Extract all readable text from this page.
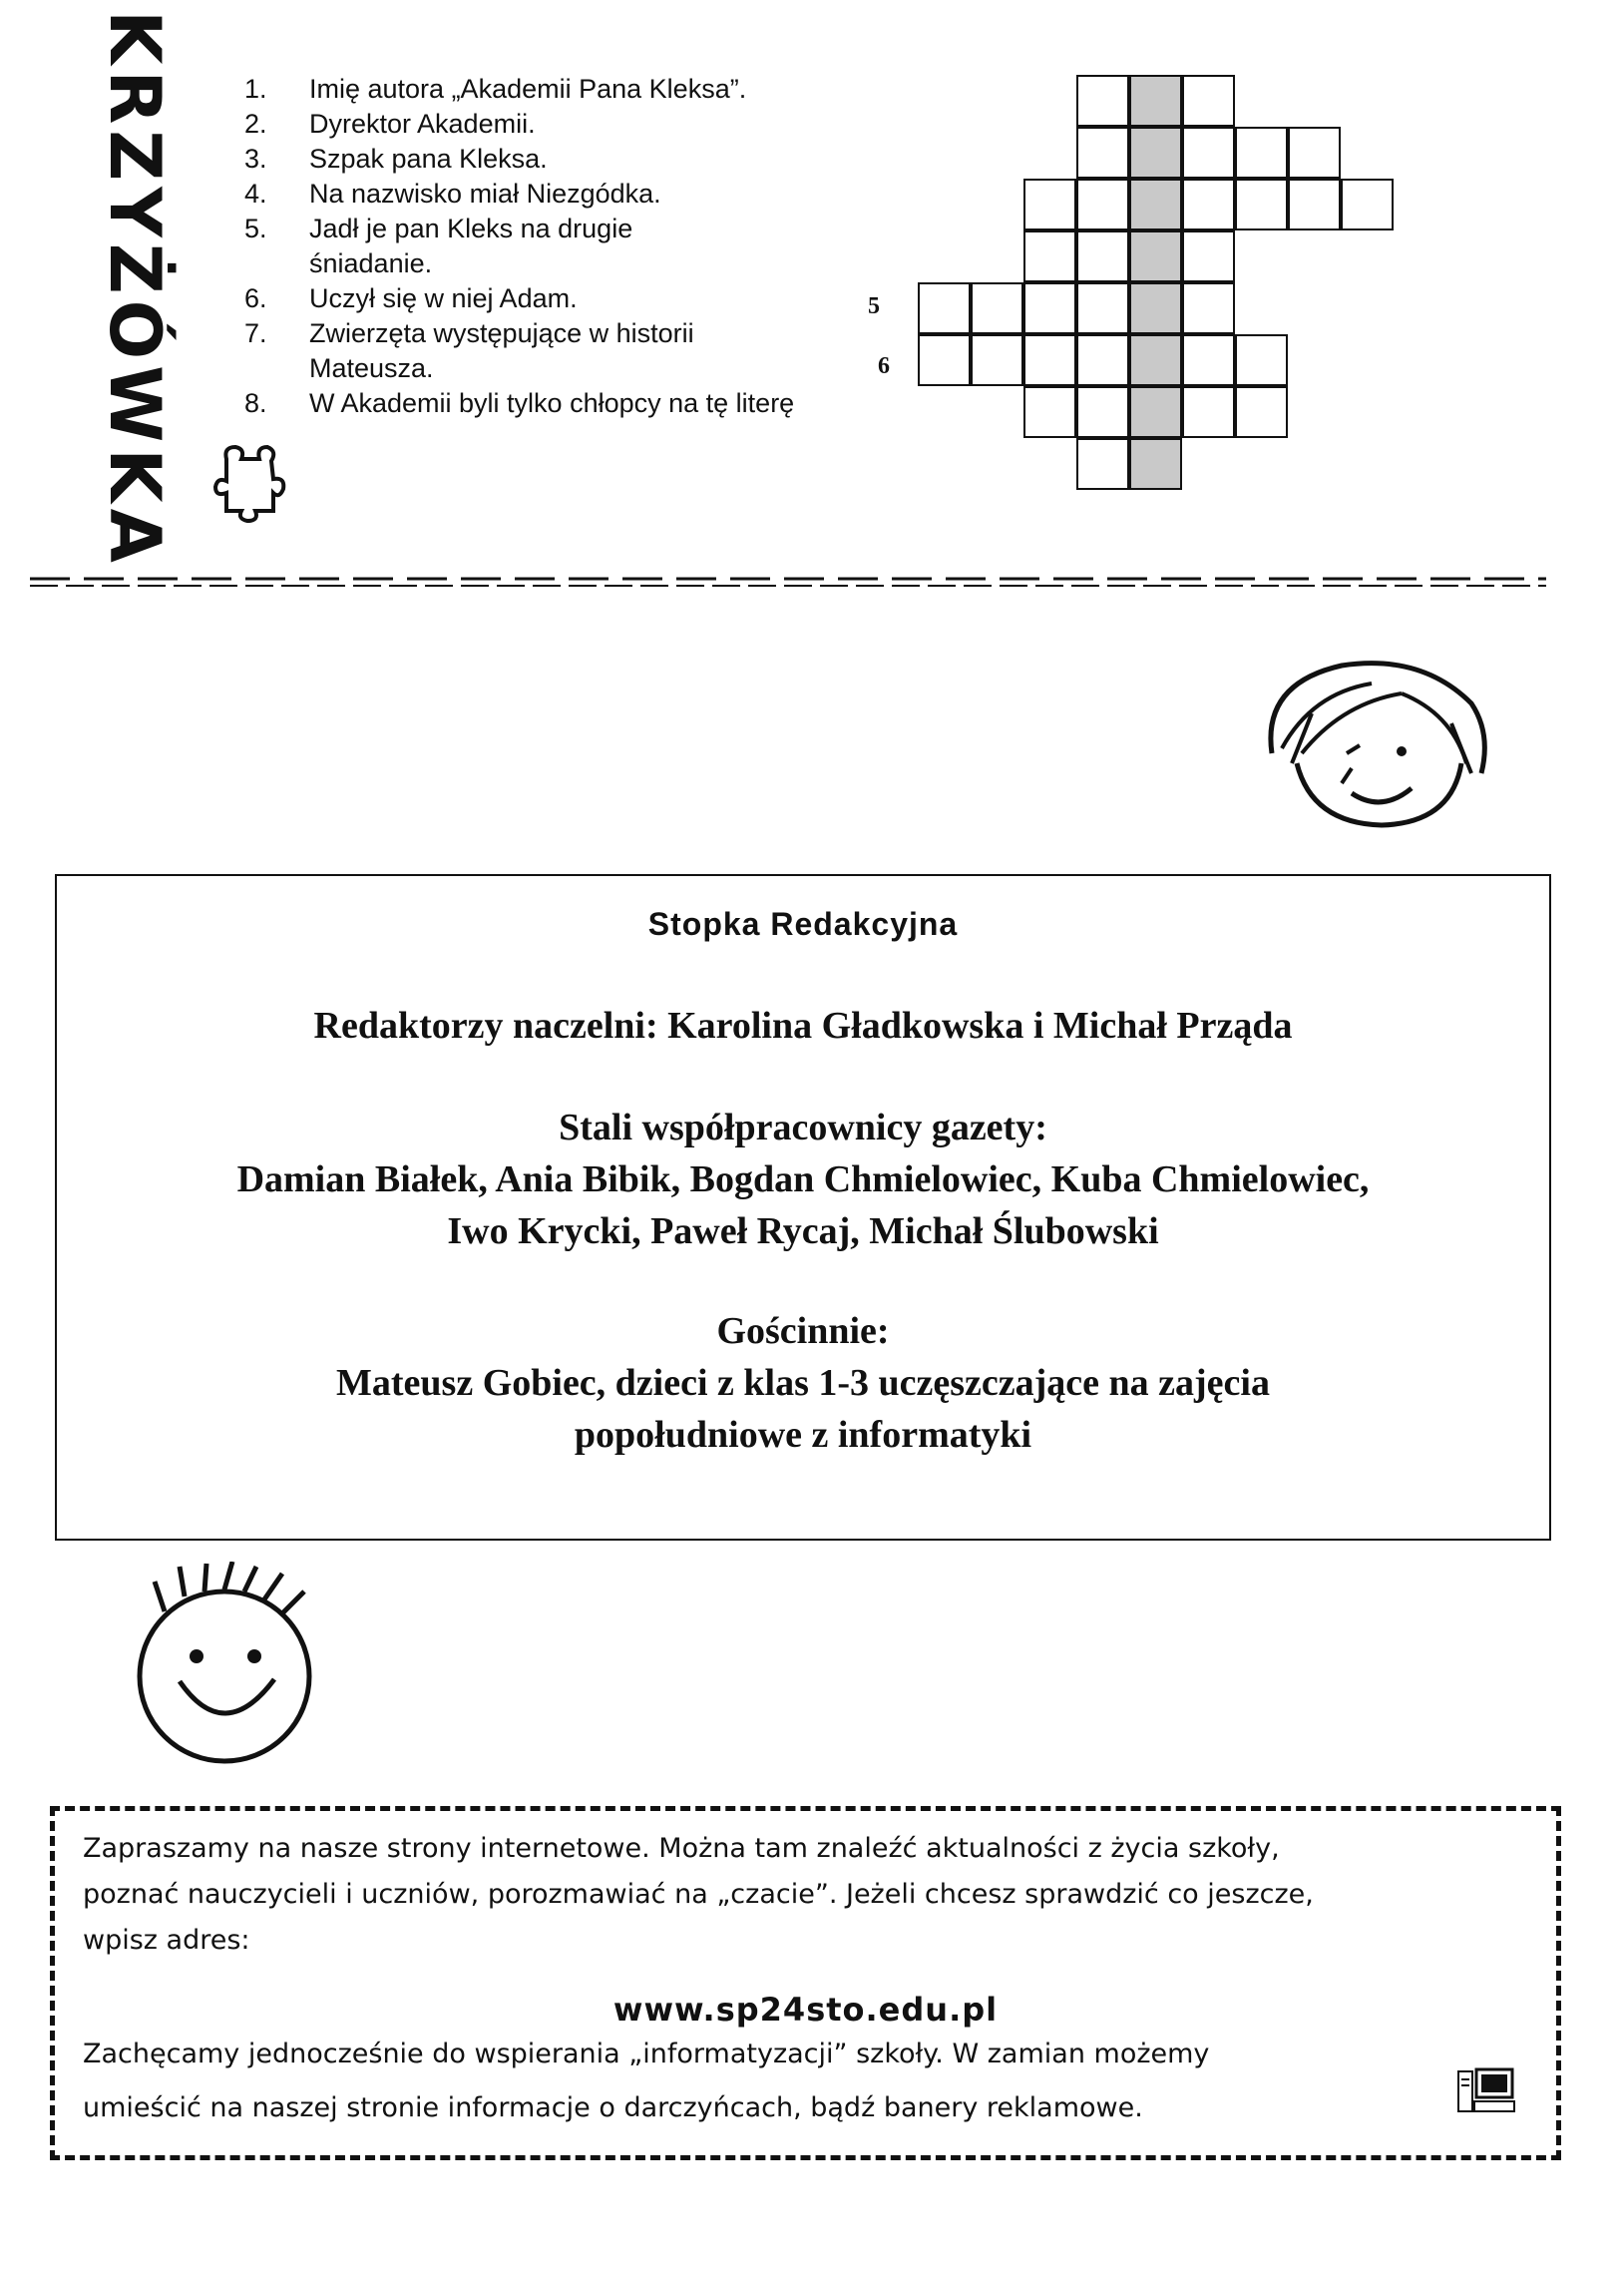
KRZYŻÓWKA	1.	Imię autora „Akademii Pana Kleksa”.
2.	Dyrektor Akademii.
3.	Szpak pana Kleksa.
4.	Na nazwisko miał Niezgódka.
5.	Jadł je pan Kleks na drugie śniadanie.
6.	Uczył się w niej Adam.
7.	Zwierzęta występujące w historii Mateusza.
8.	W Akademii byli tylko chłopcy na tę literę
5
6
Stopka Redakcyjna
Redaktorzy naczelni: Karolina Gładkowska i Michał Prząda
Stali współpracownicy gazety:
Damian Białek, Ania Bibik, Bogdan Chmielowiec, Kuba Chmielowiec,
Iwo Krycki, Paweł Rycaj, Michał Ślubowski
Gościnnie:
Mateusz Gobiec, dzieci z klas 1-3 uczęszczające na zajęcia
popołudniowe z informatyki
Zapraszamy na nasze strony internetowe. Można tam znaleźć aktualności z życia szkoły,
poznać nauczycieli i uczniów, porozmawiać na „czacie”. Jeżeli chcesz sprawdzić co jeszcze,
wpisz adres:
www.sp24sto.edu.pl
Zachęcamy jednocześnie do wspierania „informatyzacji” szkoły. W zamian możemy
umieścić na naszej stronie informacje o darczyńcach, bądź banery reklamowe.
